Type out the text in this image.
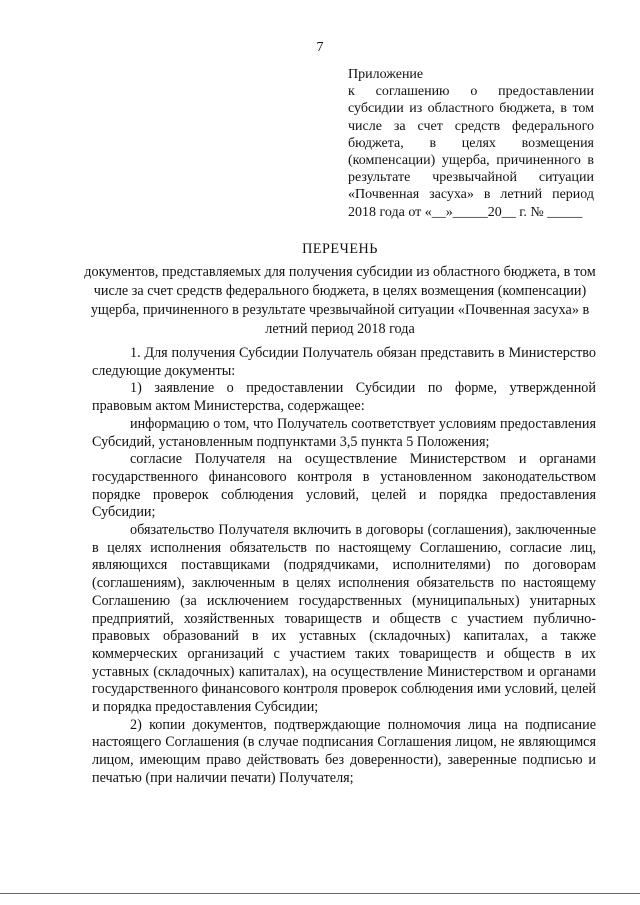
7

Приложение

к соглашению о предоставлении субсидии из областного бюджета, в том числе за счет средств федерального бюджета, в целях возмещения (компенсации) ущерба, причиненного в результате чрезвычайной ситуации «Почвенная засуха» в летний период 2018 года от «__»_____20__ г. № _____

ПЕРЕЧЕНЬ

документов, представляемых для получения субсидии из областного бюджета, в том числе за счет средств федерального бюджета, в целях возмещения (компенсации) ущерба, причиненного в результате чрезвычайной ситуации «Почвенная засуха» в летний период 2018 года

1. Для получения Субсидии Получатель обязан представить в Министерство следующие документы:

1) заявление о предоставлении Субсидии по форме, утвержденной правовым актом Министерства, содержащее:

информацию о том, что Получатель соответствует условиям предоставления Субсидий, установленным подпунктами 3,5 пункта 5 Положения;

согласие Получателя на осуществление Министерством и органами государственного финансового контроля в установленном законодательством порядке проверок соблюдения условий, целей и порядка предоставления Субсидии;

обязательство Получателя включить в договоры (соглашения), заключенные в целях исполнения обязательств по настоящему Соглашению, согласие лиц, являющихся поставщиками (подрядчиками, исполнителями) по договорам (соглашениям), заключенным в целях исполнения обязательств по настоящему Соглашению (за исключением государственных (муниципальных) унитарных предприятий, хозяйственных товариществ и обществ с участием публично-правовых образований в их уставных (складочных) капиталах, а также коммерческих организаций с участием таких товариществ и обществ в их уставных (складочных) капиталах), на осуществление Министерством и органами государственного финансового контроля проверок соблюдения ими условий, целей и порядка предоставления Субсидии;

2) копии документов, подтверждающие полномочия лица на подписание настоящего Соглашения (в случае подписания Соглашения лицом, не являющимся лицом, имеющим право действовать без доверенности), заверенные подписью и печатью (при наличии печати) Получателя;
